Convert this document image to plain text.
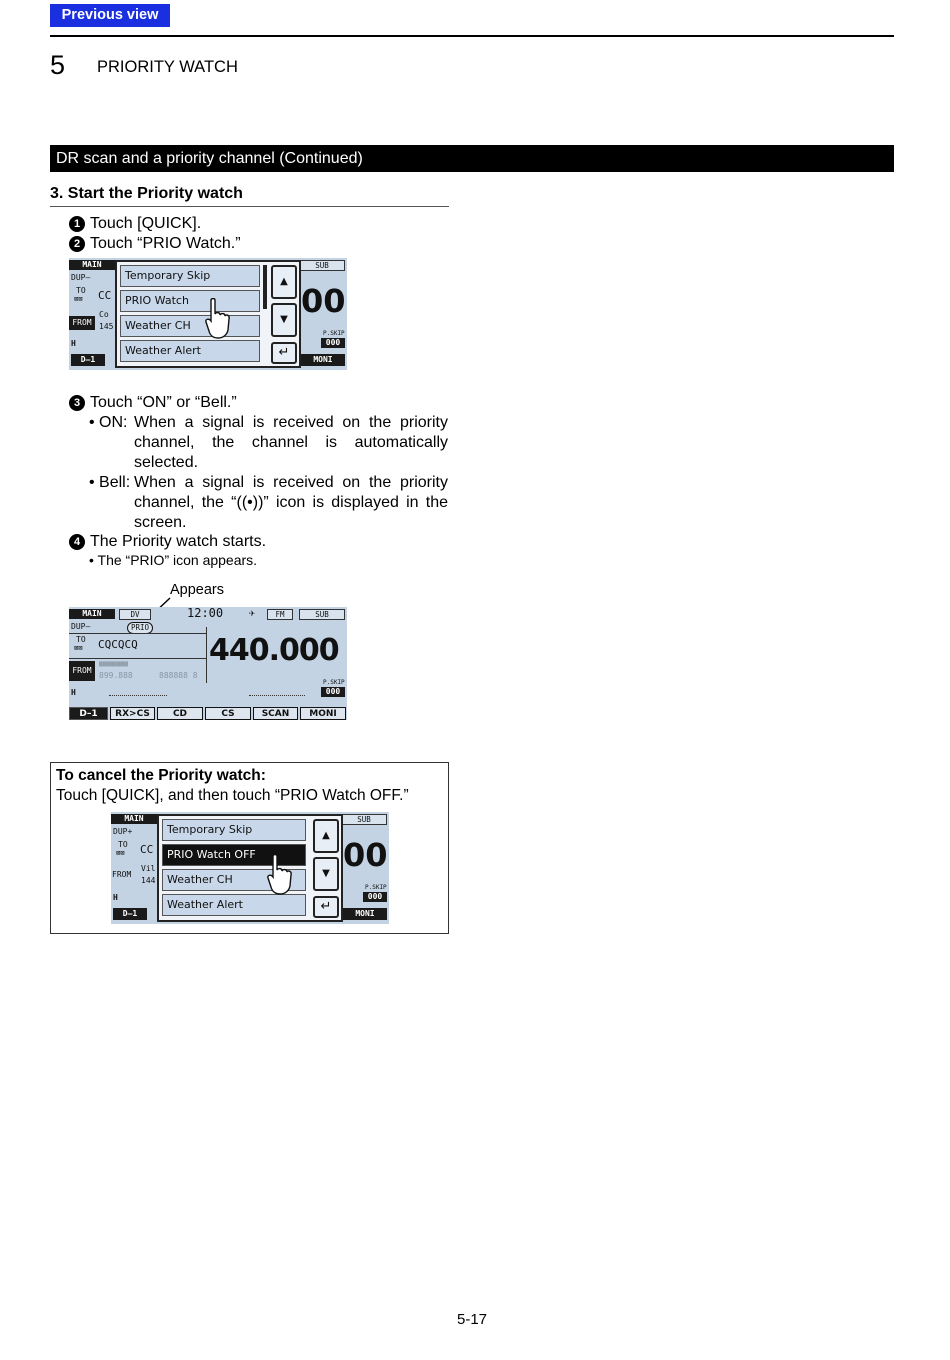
Previous view
5 PRIORITY WATCH
DR scan and a priority channel (Continued)
3. Start the Priority watch
1 Touch [QUICK].
2 Touch “PRIO Watch.”
MAIN
DUP–
TO
⊠⊠ CC
FROM
Co
145
H
D–1
SUB
00
P.SKIP
000
MONI
Temporary Skip
PRIO Watch
Weather CH
Weather Alert
▲
▼
↵
3 Touch “ON” or “Bell.”
• ON: When a signal is received on the priority channel, the channel is automatically selected.
• Bell: When a signal is received on the priority channel, the “((•))” icon is displayed in the screen.
4 The Priority watch starts.
• The “PRIO” icon appears.
Appears
MAIN	DV
PRIO
DUP–
12:00	✈	FM	SUB
TO
⊠⊠ CQCQCQ
FROM
▩▩▩▩▩▩
899.888	888888 8
440.000
H
P.SKIP
000
D–1	RX>CS	CD	CS	SCAN	MONI
To cancel the Priority watch:
Touch [QUICK], and then touch “PRIO Watch OFF.”
MAIN
DUP+
TO
⊠⊠ CC
FROM
Vil
144
H
D–1
SUB
00
P.SKIP
000
MONI
Temporary Skip
PRIO Watch OFF
Weather CH
Weather Alert
▲
▼
↵
5-17
